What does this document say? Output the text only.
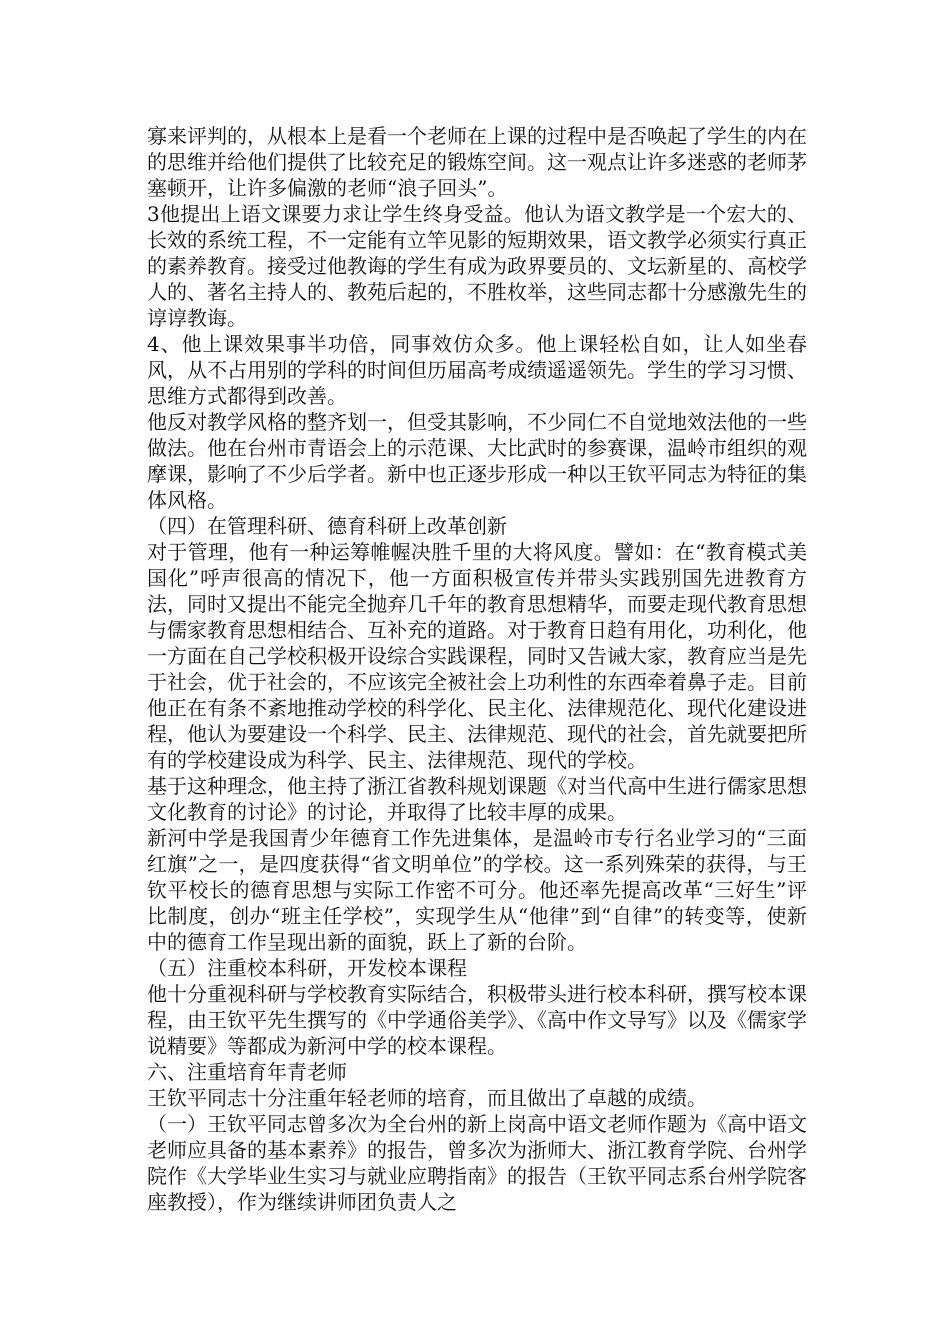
寡来评判的，从根本上是看一个老师在上课的过程中是否唤起了学生的内在的思维并给他们提供了比较充足的锻炼空间。这一观点让许多迷惑的老师茅塞顿开，让许多偏激的老师“浪子回头”。

3他提出上语文课要力求让学生终身受益。他认为语文教学是一个宏大的、长效的系统工程，不一定能有立竿见影的短期效果，语文教学必须实行真正的素养教育。接受过他教诲的学生有成为政界要员的、文坛新星的、高校学人的、著名主持人的、教苑后起的，不胜枚举，这些同志都十分感激先生的谆谆教诲。

4、他上课效果事半功倍，同事效仿众多。他上课轻松自如，让人如坐春风，从不占用别的学科的时间但历届高考成绩遥遥领先。学生的学习习惯、思维方式都得到改善。

他反对教学风格的整齐划一，但受其影响，不少同仁不自觉地效法他的一些做法。他在台州市青语会上的示范课、大比武时的参赛课，温岭市组织的观摩课，影响了不少后学者。新中也正逐步形成一种以王钦平同志为特征的集体风格。

（四）在管理科研、德育科研上改革创新

对于管理，他有一种运筹帷幄决胜千里的大将风度。譬如：在“教育模式美国化”呼声很高的情况下，他一方面积极宣传并带头实践别国先进教育方法，同时又提出不能完全抛弃几千年的教育思想精华，而要走现代教育思想与儒家教育思想相结合、互补充的道路。对于教育日趋有用化，功利化，他一方面在自己学校积极开设综合实践课程，同时又告诫大家，教育应当是先于社会，优于社会的，不应该完全被社会上功利性的东西牵着鼻子走。目前他正在有条不紊地推动学校的科学化、民主化、法律规范化、现代化建设进程，他认为要建设一个科学、民主、法律规范、现代的社会，首先就要把所有的学校建设成为科学、民主、法律规范、现代的学校。

基于这种理念，他主持了浙江省教科规划课题《对当代高中生进行儒家思想文化教育的讨论》的讨论，并取得了比较丰厚的成果。

新河中学是我国青少年德育工作先进集体，是温岭市专行名业学习的“三面红旗”之一，是四度获得“省文明单位”的学校。这一系列殊荣的获得，与王钦平校长的德育思想与实际工作密不可分。他还率先提高改革“三好生”评比制度，创办“班主任学校”，实现学生从“他律”到“自律”的转变等，使新中的德育工作呈现出新的面貌，跃上了新的台阶。

（五）注重校本科研，开发校本课程

他十分重视科研与学校教育实际结合，积极带头进行校本科研，撰写校本课程，由王钦平先生撰写的《中学通俗美学》、《高中作文导写》以及《儒家学说精要》等都成为新河中学的校本课程。

六、注重培育年青老师

王钦平同志十分注重年轻老师的培育，而且做出了卓越的成绩。

（一）王钦平同志曾多次为全台州的新上岗高中语文老师作题为《高中语文老师应具备的基本素养》的报告，曾多次为浙师大、浙江教育学院、台州学院作《大学毕业生实习与就业应聘指南》的报告（王钦平同志系台州学院客座教授），作为继续讲师团负责人之
